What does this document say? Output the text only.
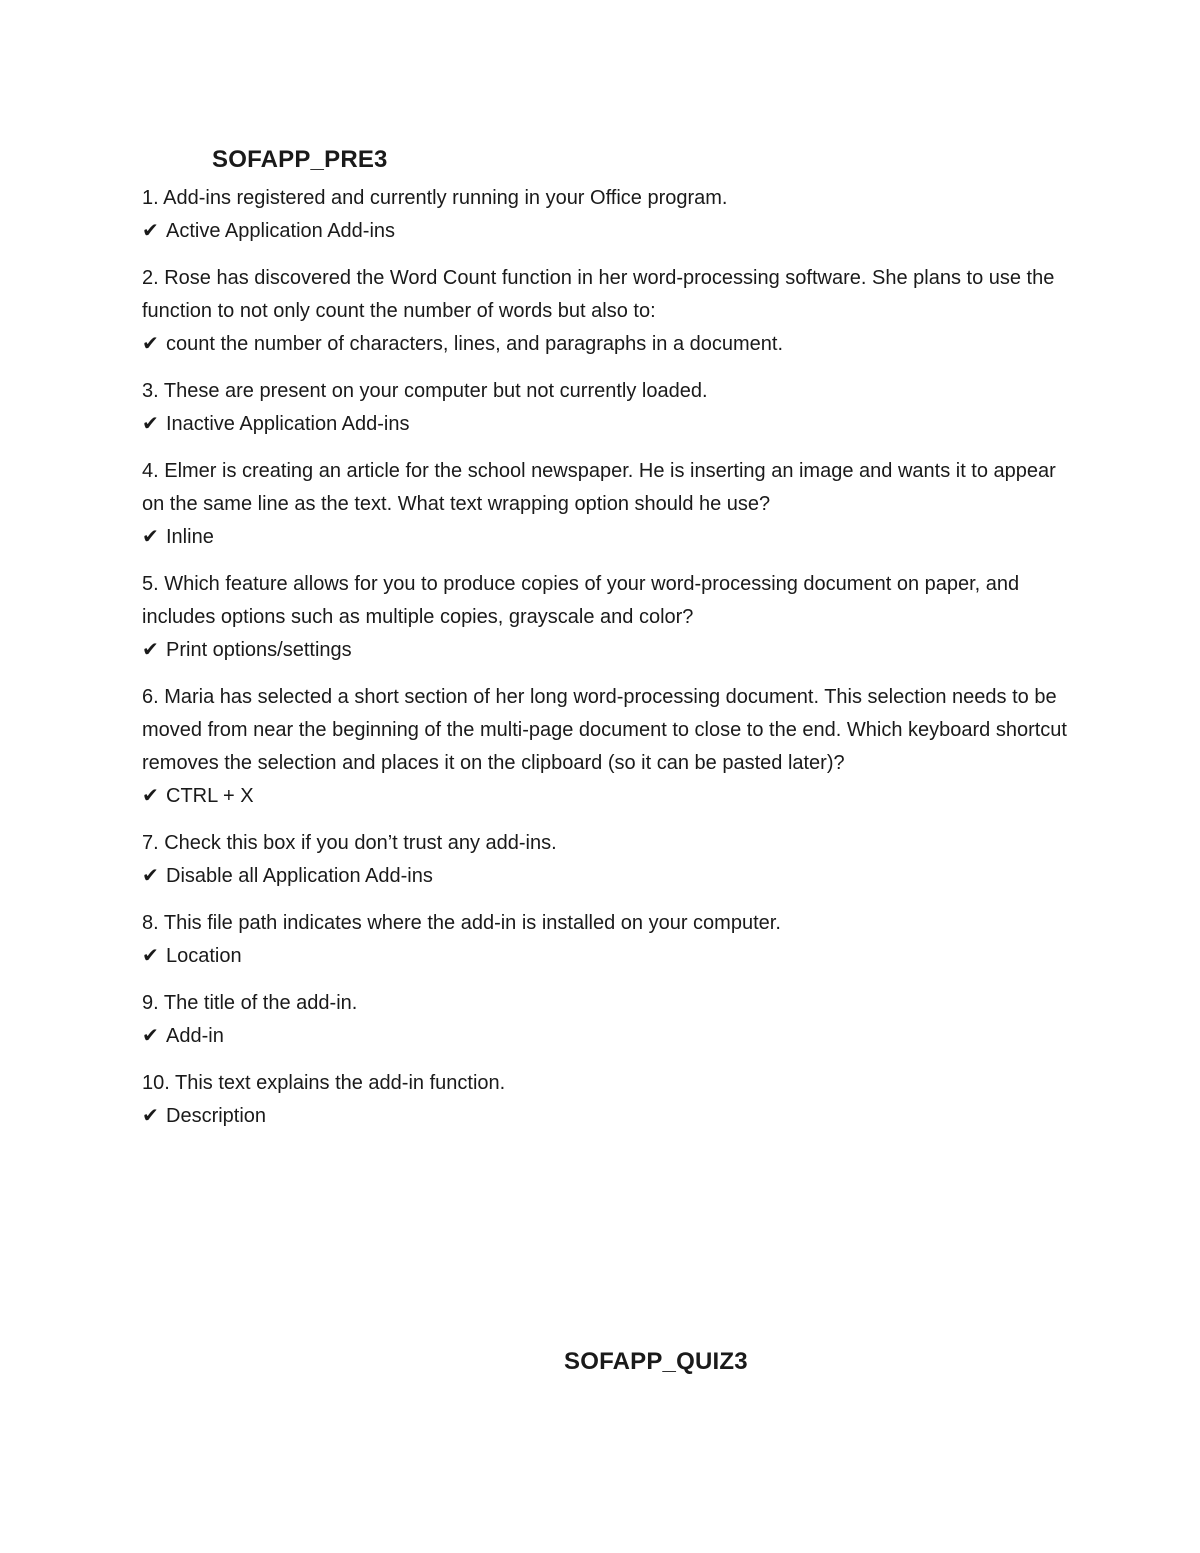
SOFAPP_PRE3

1. Add-ins registered and currently running in your Office program.

✔ Active Application Add-ins

2. Rose has discovered the Word Count function in her word-processing software. She plans to use the function to not only count the number of words but also to:

✔ count the number of characters, lines, and paragraphs in a document.

3. These are present on your computer but not currently loaded.

✔ Inactive Application Add-ins

4. Elmer is creating an article for the school newspaper. He is inserting an image and wants it to appear on the same line as the text. What text wrapping option should he use?

✔ Inline

5. Which feature allows for you to produce copies of your word-processing document on paper, and includes options such as multiple copies, grayscale and color?

✔ Print options/settings

6. Maria has selected a short section of her long word-processing document. This selection needs to be moved from near the beginning of the multi-page document to close to the end. Which keyboard shortcut removes the selection and places it on the clipboard (so it can be pasted later)?

✔ CTRL + X

7. Check this box if you don’t trust any add-ins.

✔ Disable all Application Add-ins

8. This file path indicates where the add-in is installed on your computer.

✔ Location

9. The title of the add-in.

✔ Add-in

10. This text explains the add-in function.

✔ Description

SOFAPP_QUIZ3
